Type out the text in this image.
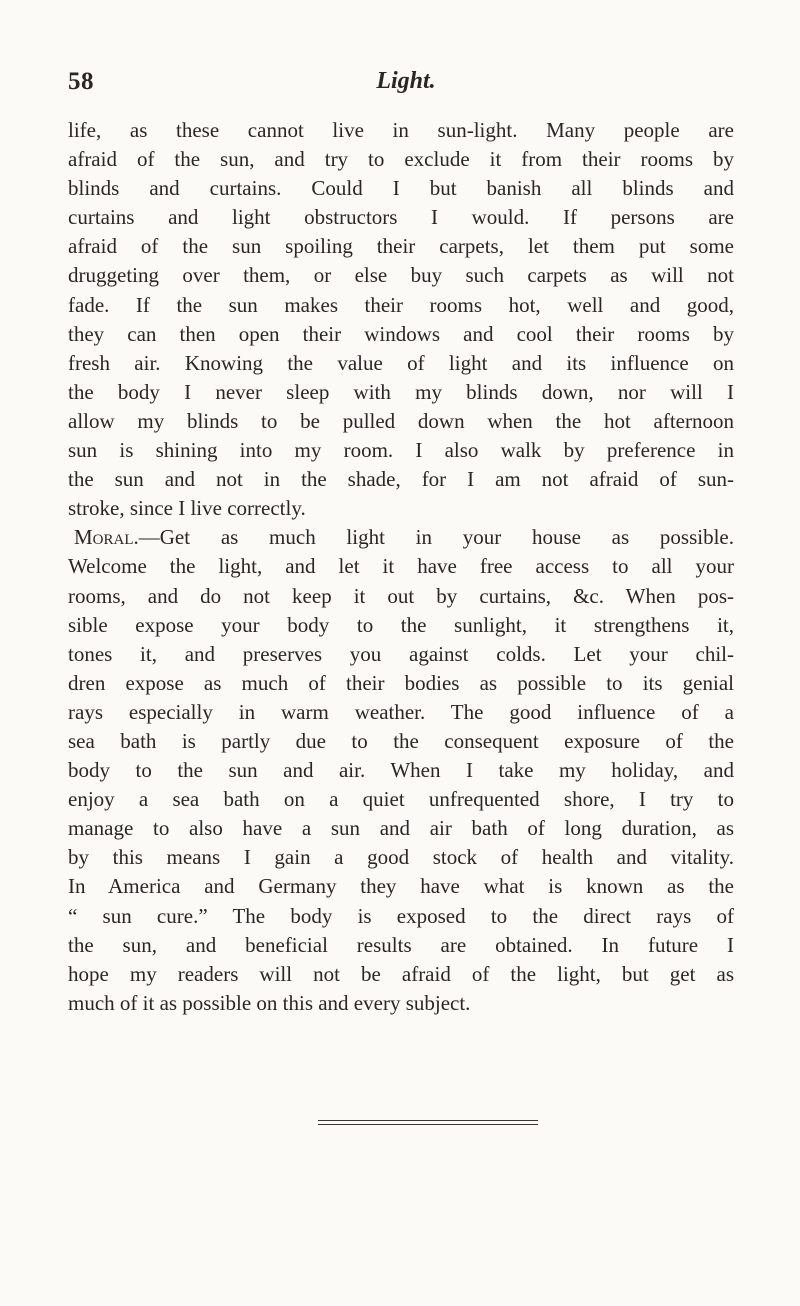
58	Light.
life, as these cannot live in sun-light. Many people are
afraid of the sun, and try to exclude it from their rooms by
blinds and curtains. Could I but banish all blinds and
curtains and light obstructors I would. If persons are
afraid of the sun spoiling their carpets, let them put some
druggeting over them, or else buy such carpets as will not
fade. If the sun makes their rooms hot, well and good,
they can then open their windows and cool their rooms by
fresh air. Knowing the value of light and its influence on
the body I never sleep with my blinds down, nor will I
allow my blinds to be pulled down when the hot afternoon
sun is shining into my room. I also walk by preference in
the sun and not in the shade, for I am not afraid of sun-
stroke, since I live correctly.
Moral.—Get as much light in your house as possible.
Welcome the light, and let it have free access to all your
rooms, and do not keep it out by curtains, &c. When pos-
sible expose your body to the sunlight, it strengthens it,
tones it, and preserves you against colds. Let your chil-
dren expose as much of their bodies as possible to its genial
rays especially in warm weather. The good influence of a
sea bath is partly due to the consequent exposure of the
body to the sun and air. When I take my holiday, and
enjoy a sea bath on a quiet unfrequented shore, I try to
manage to also have a sun and air bath of long duration, as
by this means I gain a good stock of health and vitality.
In America and Germany they have what is known as the
“ sun cure.” The body is exposed to the direct rays of
the sun, and beneficial results are obtained. In future I
hope my readers will not be afraid of the light, but get as
much of it as possible on this and every subject.
